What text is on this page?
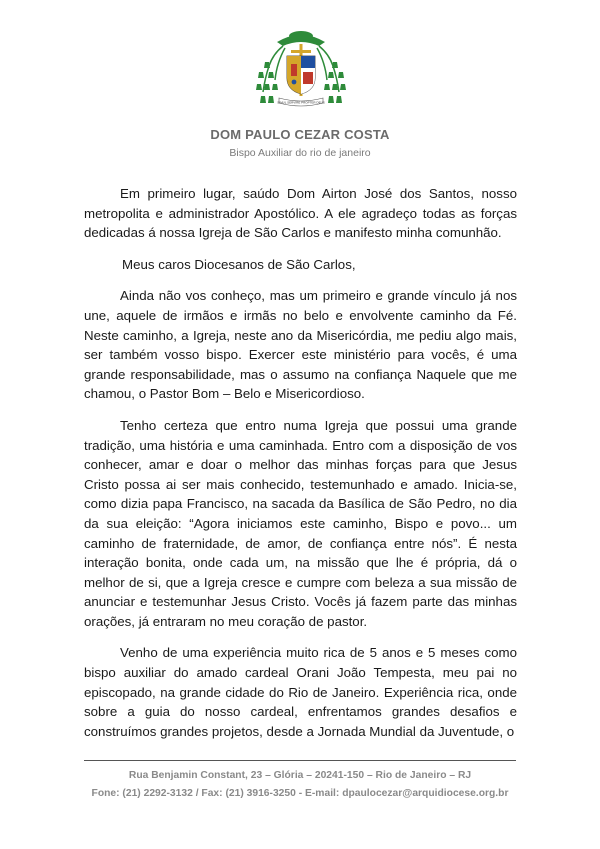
SIMUL SERVIRE PROPTER DEUS
DOM PAULO CEZAR COSTA
Bispo Auxiliar do rio de janeiro

Em primeiro lugar, saúdo Dom Airton José dos Santos, nosso metropolita e administrador Apostólico. A ele agradeço todas as forças dedicadas á nossa Igreja de São Carlos e manifesto minha comunhão.

Meus caros Diocesanos de São Carlos,

Ainda não vos conheço, mas um primeiro e grande vínculo já nos une, aquele de irmãos e irmãs no belo e envolvente caminho da Fé. Neste caminho, a Igreja, neste ano da Misericórdia, me pediu algo mais, ser também vosso bispo. Exercer este ministério para vocês, é uma grande responsabilidade, mas o assumo na confiança Naquele que me chamou, o Pastor Bom – Belo e Misericordioso.

Tenho certeza que entro numa Igreja que possui uma grande tradição, uma história e uma caminhada. Entro com a disposição de vos conhecer, amar e doar o melhor das minhas forças para que Jesus Cristo possa ai ser mais conhecido, testemunhado e amado. Inicia-se, como dizia papa Francisco, na sacada da Basílica de São Pedro, no dia da sua eleição: “Agora iniciamos este caminho, Bispo e povo... um caminho de fraternidade, de amor, de confiança entre nós”. É nesta interação bonita, onde cada um, na missão que lhe é própria, dá o melhor de si, que a Igreja cresce e cumpre com beleza a sua missão de anunciar e testemunhar Jesus Cristo. Vocês já fazem parte das minhas orações, já entraram no meu coração de pastor.

Venho de uma experiência muito rica de 5 anos e 5 meses como bispo auxiliar do amado cardeal Orani João Tempesta, meu pai no episcopado, na grande cidade do Rio de Janeiro. Experiência rica, onde sobre a guia do nosso cardeal, enfrentamos grandes desafios e construímos grandes projetos, desde a Jornada Mundial da Juventude, o

Rua Benjamin Constant, 23 – Glória – 20241-150 – Rio de Janeiro – RJ
Fone: (21) 2292-3132 / Fax: (21) 3916-3250 - E-mail: dpaulocezar@arquidiocese.org.br
